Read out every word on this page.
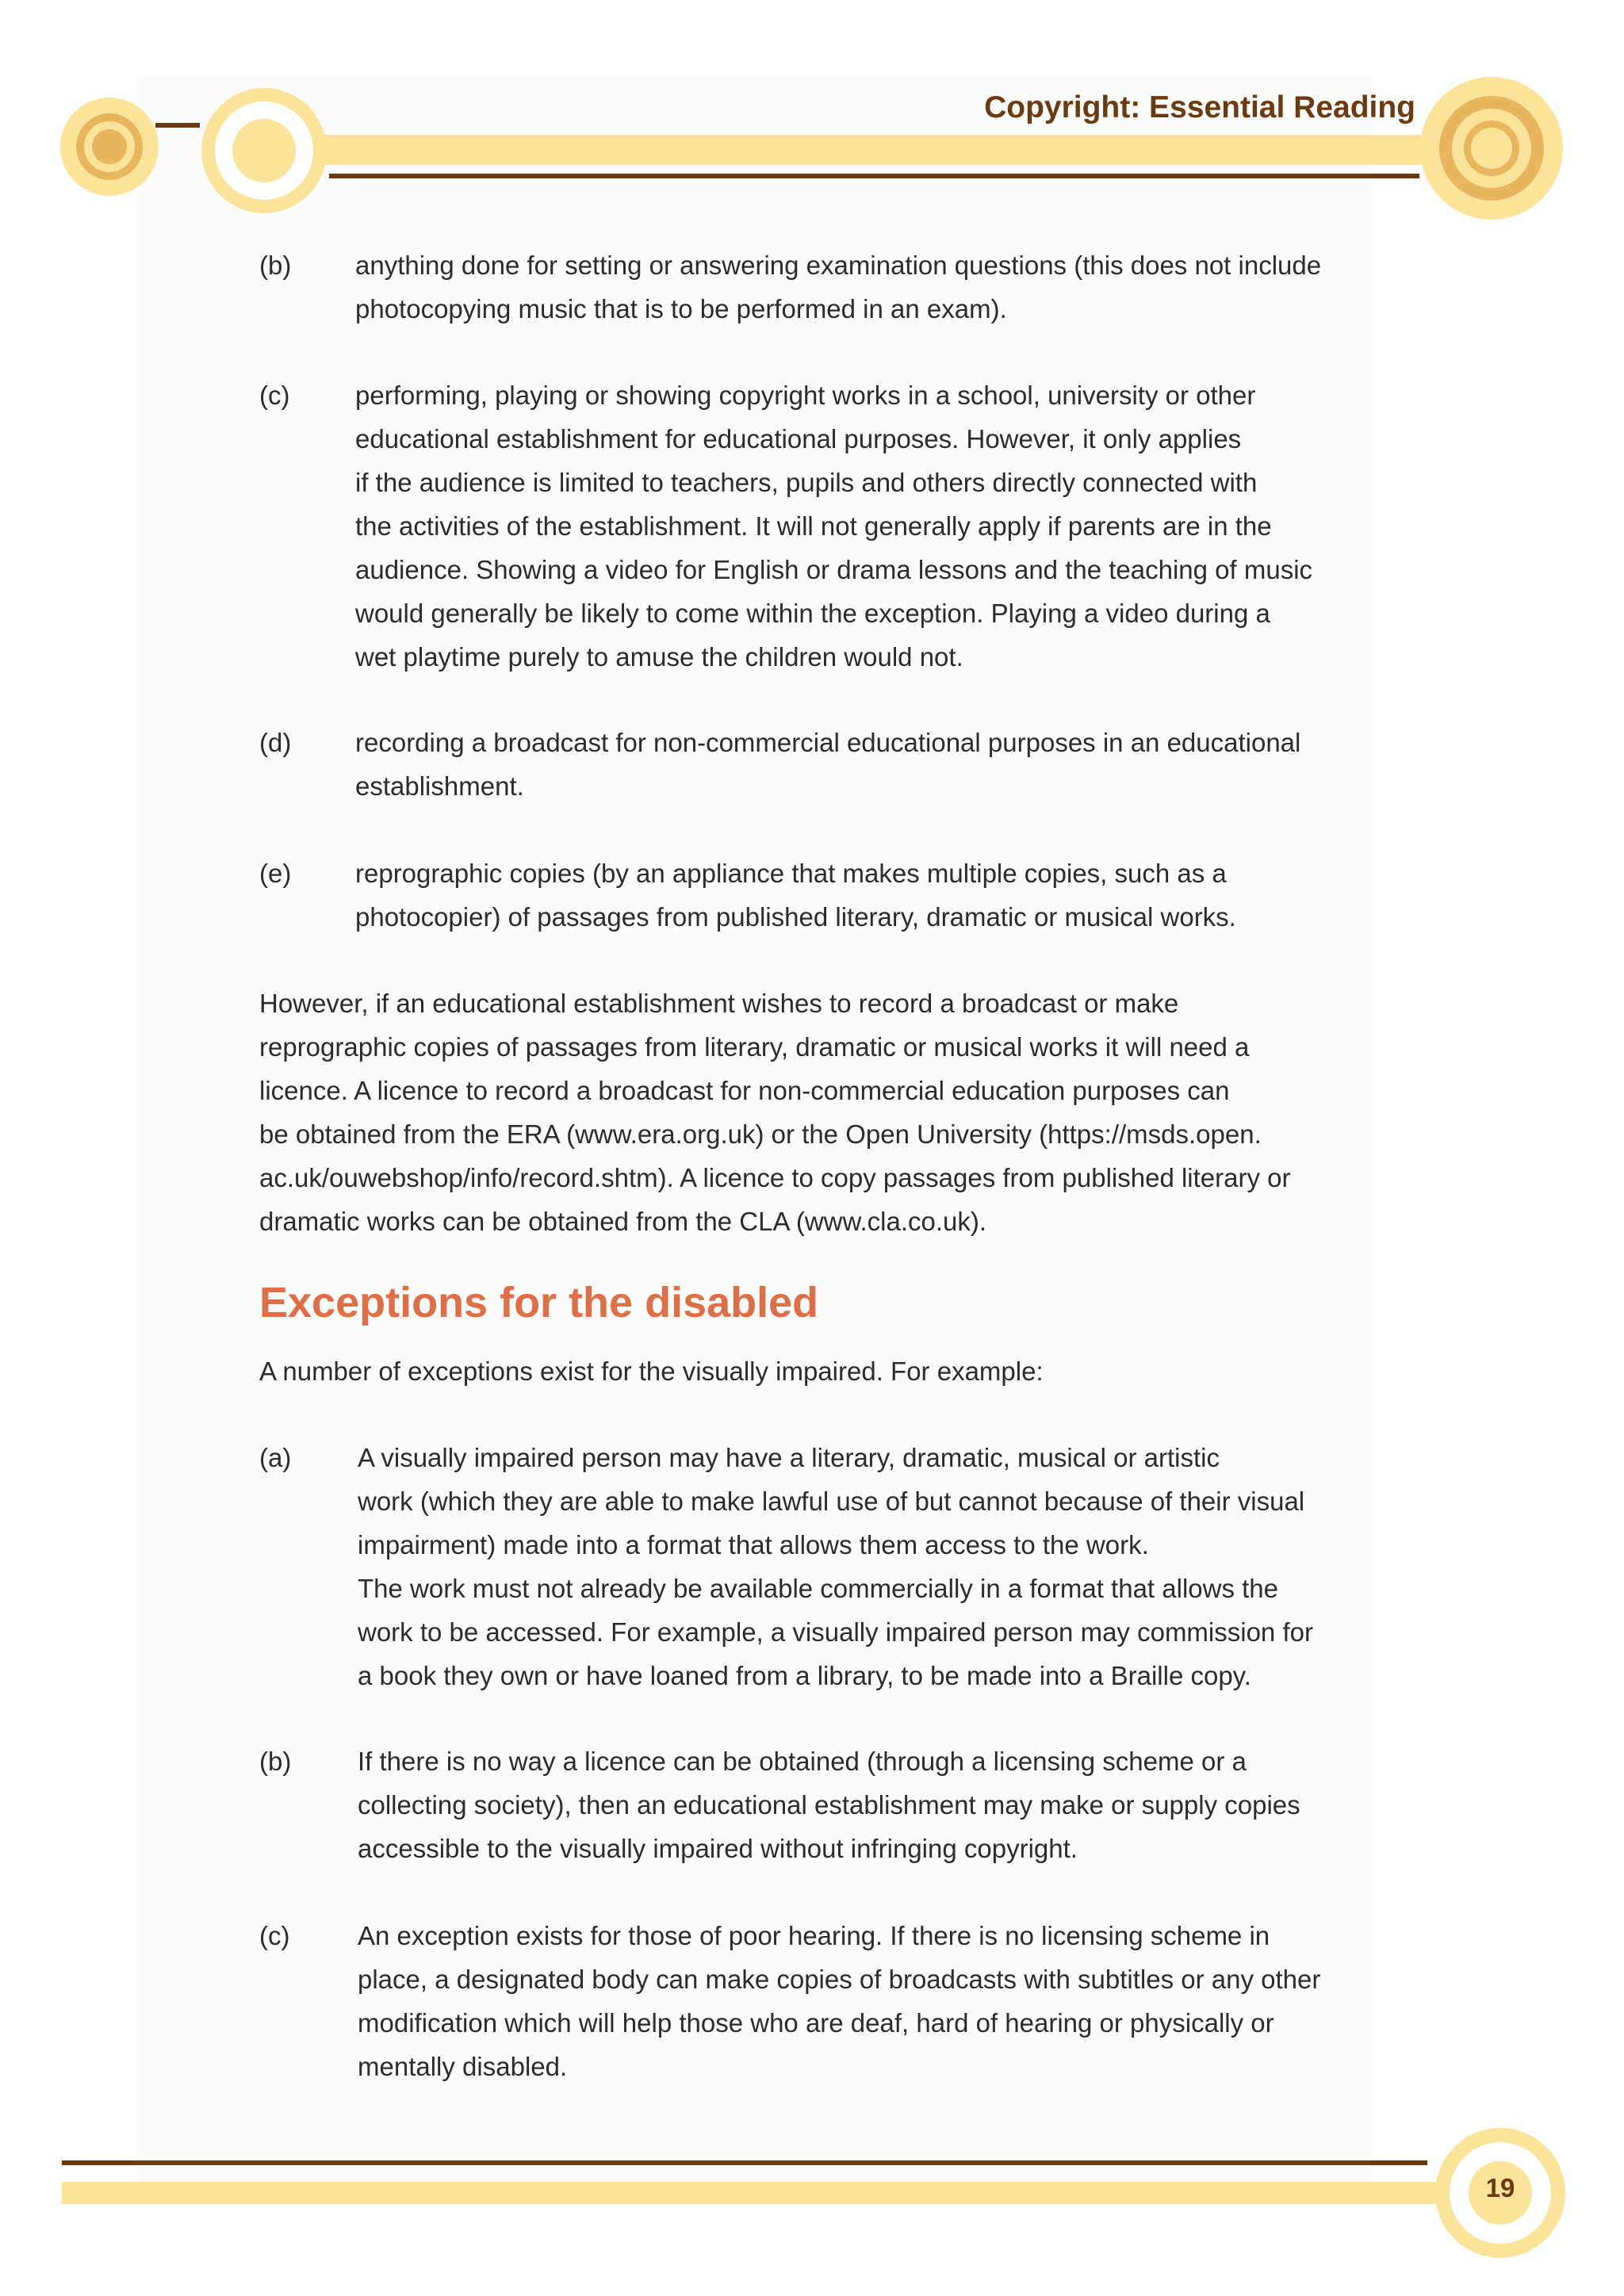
Copyright: Essential Reading
(b) anything done for setting or answering examination questions (this does not include
photocopying music that is to be performed in an exam).
(c)	performing, playing or showing copyright works in a school, university or other
educational establishment for educational purposes. However, it only applies
if the audience is limited to teachers, pupils and others directly connected with
the activities of the establishment. It will not generally apply if parents are in the
audience. Showing a video for English or drama lessons and the teaching of music
would generally be likely to come within the exception. Playing a video during a
wet playtime purely to amuse the children would not.
(d) recording a broadcast for non-commercial educational purposes in an educational
establishment.
(e) reprographic copies (by an appliance that makes multiple copies, such as a
photocopier) of passages from published literary, dramatic or musical works.
However, if an educational establishment wishes to record a broadcast or make
reprographic copies of passages from literary, dramatic or musical works it will need a
licence. A licence to record a broadcast for non-commercial education purposes can
be obtained from the ERA (www.era.org.uk) or the Open University (https://msds.open.
ac.uk/ouwebshop/info/record.shtm). A licence to copy passages from published literary or
dramatic works can be obtained from the CLA (www.cla.co.uk).
Exceptions for the disabled
A number of exceptions exist for the visually impaired. For example:
(a)	A visually impaired person may have a literary, dramatic, musical or artistic
work (which they are able to make lawful use of but cannot because of their visual
impairment) made into a format that allows them access to the work.
The work must not already be available commercially in a format that allows the
work to be accessed. For example, a visually impaired person may commission for
a book they own or have loaned from a library, to be made into a Braille copy.
(b)	If there is no way a licence can be obtained (through a licensing scheme or a
collecting society), then an educational establishment may make or supply copies
accessible to the visually impaired without infringing copyright.
(c)	An exception exists for those of poor hearing. If there is no licensing scheme in
place, a designated body can make copies of broadcasts with subtitles or any other
modification which will help those who are deaf, hard of hearing or physically or
mentally disabled.
19
